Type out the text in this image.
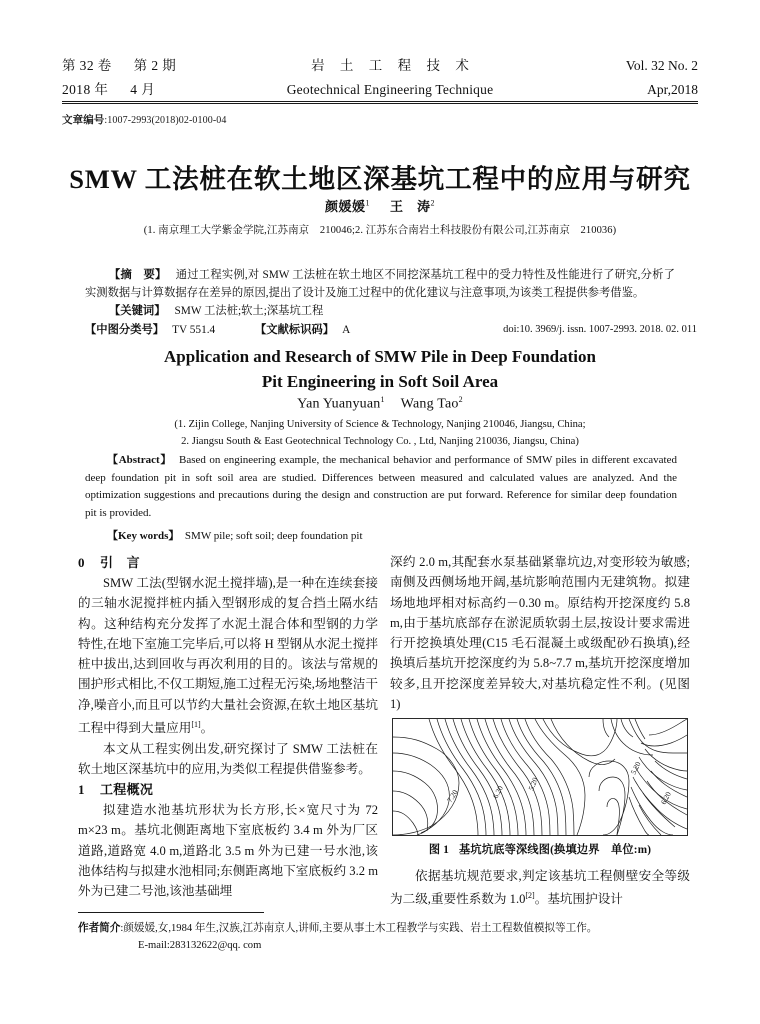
第 32 卷 第 2 期	岩 土 工 程 技 术	Vol. 32 No. 2
2018 年 4 月	Geotechnical Engineering Technique	Apr,2018
文章编号:1007-2993(2018)02-0100-04
SMW 工法桩在软土地区深基坑工程中的应用与研究
颜媛媛$^1$ 王　涛$^2$
(1. 南京理工大学紫金学院,江苏南京　210046;2. 江苏东合南岩土科技股份有限公司,江苏南京　210036)

【摘　要】 通过工程实例,对 SMW 工法桩在软土地区不同挖深基坑工程中的受力特性及性能进行了研究,分析了实测数据与计算数据存在差异的原因,提出了设计及施工过程中的优化建议与注意事项,为该类工程提供参考借鉴。

【关键词】 SMW 工法桩;软土;深基坑工程

【中图分类号】 TV 551.4	【文献标识码】 A	doi:10. 3969/j. issn. 1007-2993. 2018. 02. 011
Application and Research of SMW Pile in Deep Foundation
Pit Engineering in Soft Soil Area
Yan Yuanyuan$^1$ Wang Tao$^2$
(1. Zijin College, Nanjing University of Science & Technology, Nanjing 210046, Jiangsu, China;
2. Jiangsu South & East Geotechnical Technology Co. , Ltd, Nanjing 210036, Jiangsu, China)

【Abstract】 Based on engineering example, the mechanical behavior and performance of SMW piles in different excavated deep foundation pit in soft soil area are studied. Differences between measured and calculated values are analyzed. And the optimization suggestions and precautions during the design and construction are put forward. Reference for similar deep foundation pit is provided.

【Key words】 SMW pile; soft soil; deep foundation pit
0 引　言

SMW 工法(型钢水泥土搅拌墙),是一种在连续套接的三轴水泥搅拌桩内插入型钢形成的复合挡土隔水结构。这种结构充分发挥了水泥土混合体和型钢的力学特性,在地下室施工完毕后,可以将 H 型钢从水泥土搅拌桩中拔出,达到回收与再次利用的目的。该法与常规的围护形式相比,不仅工期短,施工过程无污染,场地整洁干净,噪音小,而且可以节约大量社会资源,在软土地区基坑工程中得到大量应用[1]。

本文从工程实例出发,研究探讨了 SMW 工法桩在软土地区深基坑中的应用,为类似工程提供借鉴参考。

1 工程概况

拟建造水池基坑形状为长方形,长×宽尺寸为 72 m×23 m。基坑北侧距离地下室底板约 3.4 m 外为厂区道路,道路宽 4.0 m,道路北 3.5 m 外为已建一号水池,该池体结构与拟建水池相同;东侧距离地下室底板约 3.2 m 外为已建二号池,该池基础埋

深约 2.0 m,其配套水泵基础紧靠坑边,对变形较为敏感;南侧及西侧场地开阔,基坑影响范围内无建筑物。拟建场地地坪相对标高约－0.30 m。原结构开挖深度约 5.8 m,由于基坑底部存在淤泥质软弱土层,按设计要求需进行开挖换填处理(C15 毛石混凝土或级配砂石换填),经换填后基坑开挖深度约为 5.8~7.7 m,基坑开挖深度增加较多,且开挖深度差异较大,对基坑稳定性不利。(见图 1)

7.20	6.20
5.20
5.20
6.20
图 1 基坑坑底等深线图(换填边界　单位:m)

依据基坑规范要求,判定该基坑工程侧壁安全等级为二级,重要性系数为 1.0[2]。基坑围护设计

作者简介:颜媛媛,女,1984 年生,汉族,江苏南京人,讲师,主要从事土木工程教学与实践、岩土工程数值模拟等工作。
E-mail:283132622@qq. com
